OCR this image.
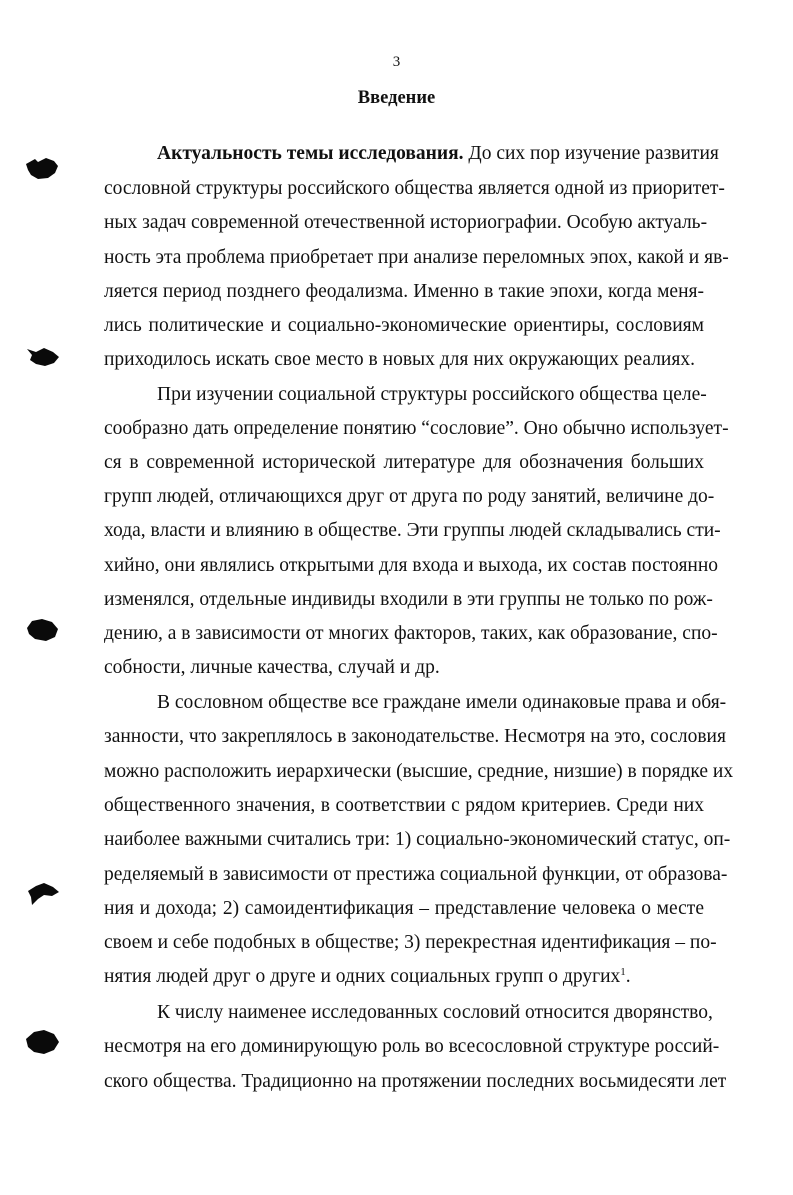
3
Введение
Актуальность темы исследования. До сих пор изучение развития
сословной структуры российского общества является одной из приоритет-
ных задач современной отечественной историографии. Особую актуаль-
ность эта проблема приобретает при анализе переломных эпох, какой и яв-
ляется период позднего феодализма. Именно в такие эпохи, когда меня-
лись политические и социально-экономические ориентиры, сословиям
приходилось искать свое место в новых для них окружающих реалиях.
При изучении социальной структуры российского общества целе-
сообразно дать определение понятию “сословие”. Оно обычно использует-
ся в современной исторической литературе для обозначения больших
групп людей, отличающихся друг от друга по роду занятий, величине до-
хода, власти и влиянию в обществе. Эти группы людей складывались сти-
хийно, они являлись открытыми для входа и выхода, их состав постоянно
изменялся, отдельные индивиды входили в эти группы не только по рож-
дению, а в зависимости от многих факторов, таких, как образование, спо-
собности, личные качества, случай и др.
В сословном обществе все граждане имели одинаковые права и обя-
занности, что закреплялось в законодательстве. Несмотря на это, сословия
можно расположить иерархически (высшие, средние, низшие) в порядке их
общественного значения, в соответствии с рядом критериев. Среди них
наиболее важными считались три: 1) социально-экономический статус, оп-
ределяемый в зависимости от престижа социальной функции, от образова-
ния и дохода; 2) самоидентификация – представление человека о месте
своем и себе подобных в обществе; 3) перекрестная идентификация – по-
нятия людей друг о друге и одних социальных групп о других$^1$.
К числу наименее исследованных сословий относится дворянство,
несмотря на его доминирующую роль во всесословной структуре россий-
ского общества. Традиционно на протяжении последних восьмидесяти лет
